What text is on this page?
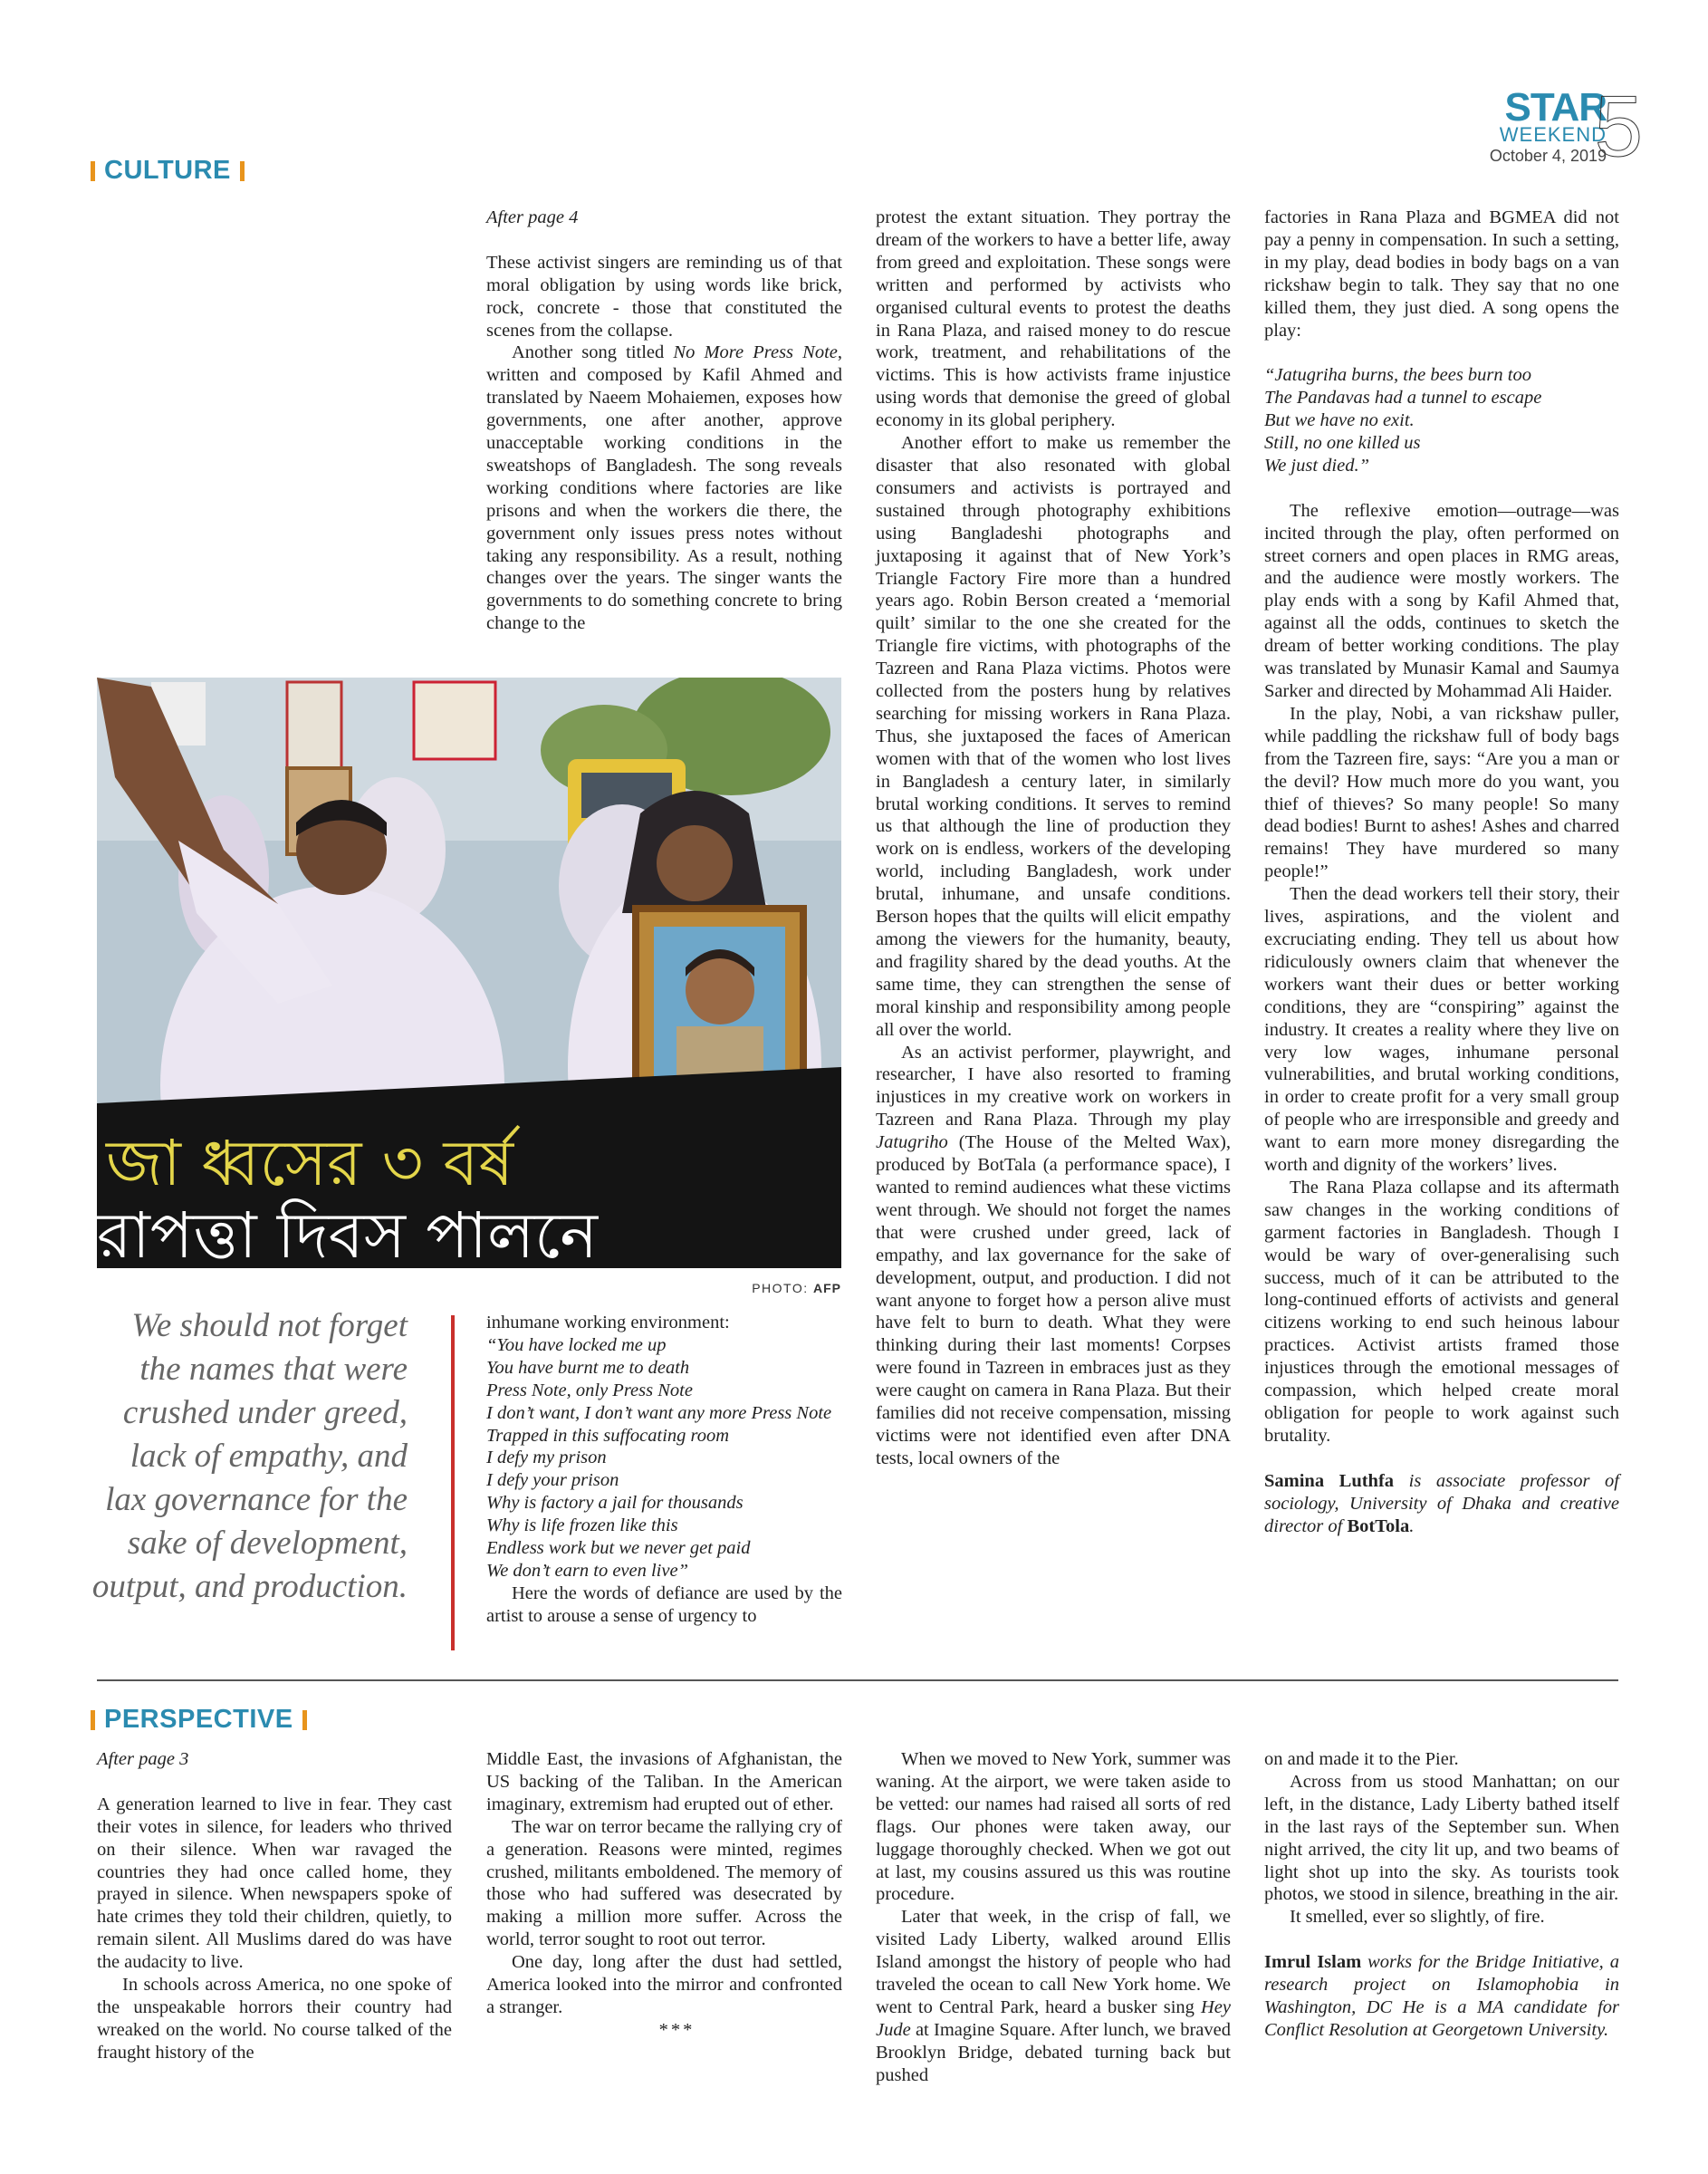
STAR
WEEKEND
October 4, 2019
5
CULTURE

After page 4

These activist singers are reminding us of that moral obligation by using words like brick, rock, concrete - those that constituted the scenes from the collapse.

Another song titled No More Press Note, written and composed by Kafil Ahmed and translated by Naeem Mohaiemen, exposes how governments, one after another, approve unacceptable working conditions in the sweatshops of Bangladesh. The song reveals working conditions where factories are like prisons and when the workers die there, the government only issues press notes without taking any responsibility. As a result, nothing changes over the years. The singer wants the governments to do something concrete to bring change to the

জা ধ্বসের ৩ বর্ষ
রাপত্তা দিবস পালনে
PHOTO: AFP
We should not forget the names that were crushed under greed, lack of empathy, and lax governance for the sake of development, output, and production.

inhumane working environment:

“You have locked me up

You have burnt me to death

Press Note, only Press Note

I don’t want, I don’t want any more Press Note

Trapped in this suffocating room

I defy my prison

I defy your prison

Why is factory a jail for thousands

Why is life frozen like this

Endless work but we never get paid

We don’t earn to even live”

Here the words of defiance are used by the artist to arouse a sense of urgency to

protest the extant situation. They portray the dream of the workers to have a better life, away from greed and exploitation. These songs were written and performed by activists who organised cultural events to protest the deaths in Rana Plaza, and raised money to do rescue work, treatment, and rehabilitations of the victims. This is how activists frame injustice using words that demonise the greed of global economy in its global periphery.

Another effort to make us remember the disaster that also resonated with global consumers and activists is portrayed and sustained through photography exhibitions using Bangladeshi photographs and juxtaposing it against that of New York’s Triangle Factory Fire more than a hundred years ago. Robin Berson created a ‘memorial quilt’ similar to the one she created for the Triangle fire victims, with photographs of the Tazreen and Rana Plaza victims. Photos were collected from the posters hung by relatives searching for missing workers in Rana Plaza. Thus, she juxtaposed the faces of American women with that of the women who lost lives in Bangladesh a century later, in similarly brutal working conditions. It serves to remind us that although the line of production they work on is endless, workers of the developing world, including Bangladesh, work under brutal, inhumane, and unsafe conditions. Berson hopes that the quilts will elicit empathy among the viewers for the humanity, beauty, and fragility shared by the dead youths. At the same time, they can strengthen the sense of moral kinship and responsibility among people all over the world.

As an activist performer, playwright, and researcher, I have also resorted to framing injustices in my creative work on workers in Tazreen and Rana Plaza. Through my play Jatugriho (The House of the Melted Wax), produced by BotTala (a performance space), I wanted to remind audiences what these victims went through. We should not forget the names that were crushed under greed, lack of empathy, and lax governance for the sake of development, output, and production. I did not want anyone to forget how a person alive must have felt to burn to death. What they were thinking during their last moments! Corpses were found in Tazreen in embraces just as they were caught on camera in Rana Plaza. But their families did not receive compensation, missing victims were not identified even after DNA tests, local owners of the

factories in Rana Plaza and BGMEA did not pay a penny in compensation. In such a setting, in my play, dead bodies in body bags on a van rickshaw begin to talk. They say that no one killed them, they just died. A song opens the play:

“Jatugriha burns, the bees burn too

The Pandavas had a tunnel to escape

But we have no exit.

Still, no one killed us

We just died.”

The reflexive emotion—outrage—was incited through the play, often performed on street corners and open places in RMG areas, and the audience were mostly workers. The play ends with a song by Kafil Ahmed that, against all the odds, continues to sketch the dream of better working conditions. The play was translated by Munasir Kamal and Saumya Sarker and directed by Mohammad Ali Haider.

In the play, Nobi, a van rickshaw puller, while paddling the rickshaw full of body bags from the Tazreen fire, says: “Are you a man or the devil? How much more do you want, you thief of thieves? So many people! So many dead bodies! Burnt to ashes! Ashes and charred remains! They have murdered so many people!”

Then the dead workers tell their story, their lives, aspirations, and the violent and excruciating ending. They tell us about how ridiculously owners claim that whenever the workers want their dues or better working conditions, they are “conspiring” against the industry. It creates a reality where they live on very low wages, inhumane personal vulnerabilities, and brutal working conditions, in order to create profit for a very small group of people who are irresponsible and greedy and want to earn more money disregarding the worth and dignity of the workers’ lives.

The Rana Plaza collapse and its aftermath saw changes in the working conditions of garment factories in Bangladesh. Though I would be wary of over-generalising such success, much of it can be attributed to the long-continued efforts of activists and general citizens working to end such heinous labour practices. Activist artists framed those injustices through the emotional messages of compassion, which helped create moral obligation for people to work against such brutality.

Samina Luthfa is associate professor of sociology, University of Dhaka and creative director of BotTola.

PERSPECTIVE

After page 3

A generation learned to live in fear. They cast their votes in silence, for leaders who thrived on their silence. When war ravaged the countries they had once called home, they prayed in silence. When newspapers spoke of hate crimes they told their children, quietly, to remain silent. All Muslims dared do was have the audacity to live.

In schools across America, no one spoke of the unspeakable horrors their country had wreaked on the world. No course talked of the fraught history of the

Middle East, the invasions of Afghanistan, the US backing of the Taliban. In the American imaginary, extremism had erupted out of ether.

The war on terror became the rallying cry of a generation. Reasons were minted, regimes crushed, militants emboldened. The memory of those who had suffered was desecrated by making a million more suffer. Across the world, terror sought to root out terror.

One day, long after the dust had settled, America looked into the mirror and confronted a stranger.

***

When we moved to New York, summer was waning. At the airport, we were taken aside to be vetted: our names had raised all sorts of red flags. Our phones were taken away, our luggage thoroughly checked. When we got out at last, my cousins assured us this was routine procedure.

Later that week, in the crisp of fall, we visited Lady Liberty, walked around Ellis Island amongst the history of people who had traveled the ocean to call New York home. We went to Central Park, heard a busker sing Hey Jude at Imagine Square. After lunch, we braved Brooklyn Bridge, debated turning back but pushed

on and made it to the Pier.

Across from us stood Manhattan; on our left, in the distance, Lady Liberty bathed itself in the last rays of the September sun. When night arrived, the city lit up, and two beams of light shot up into the sky. As tourists took photos, we stood in silence, breathing in the air.

It smelled, ever so slightly, of fire.

Imrul Islam works for the Bridge Initiative, a research project on Islamophobia in Washington, DC He is a MA candidate for Conflict Resolution at Georgetown University.
